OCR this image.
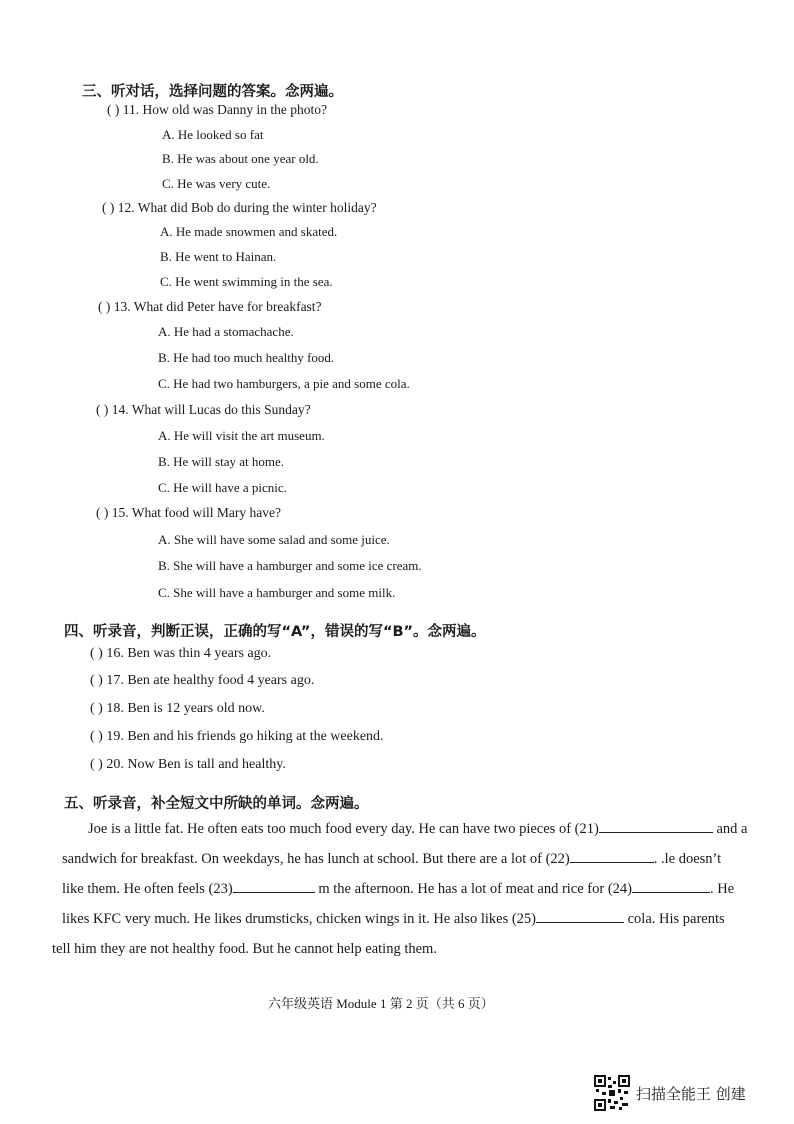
三、听对话，选择问题的答案。念两遍。
( ) 11. How old was Danny in the photo?
A. He looked so fat
B. He was about one year old.
C. He was very cute.
( ) 12. What did Bob do during the winter holiday?
A. He made snowmen and skated.
B. He went to Hainan.
C. He went swimming in the sea.
( ) 13. What did Peter have for breakfast?
A. He had a stomachache.
B. He had too much healthy food.
C. He had two hamburgers, a pie and some cola.
( ) 14. What will Lucas do this Sunday?
A. He will visit the art museum.
B. He will stay at home.
C. He will have a picnic.
( ) 15. What food will Mary have?
A. She will have some salad and some juice.
B. She will have a hamburger and some ice cream.
C. She will have a hamburger and some milk.
四、听录音，判断正误，正确的写“A”，错误的写“B”。念两遍。
( ) 16. Ben was thin 4 years ago.
( ) 17. Ben ate healthy food 4 years ago.
( ) 18. Ben is 12 years old now.
( ) 19. Ben and his friends go hiking at the weekend.
( ) 20. Now Ben is tall and healthy.
五、听录音，补全短文中所缺的单词。念两遍。
Joe is a little fat. He often eats too much food every day. He can have two pieces of (21)	and a
sandwich for breakfast. On weekdays, he has lunch at school. But there are a lot of (22)	. .le doesn’t
like them. He often feels (23)	m the afternoon. He has a lot of meat and rice for (24)	. He
likes KFC very much. He likes drumsticks, chicken wings in it. He also likes (25)	cola. His parents
tell him they are not healthy food. But he cannot help eating them.
六年级英语 Module 1 第 2 页（共 6 页）
扫描全能王 创建
